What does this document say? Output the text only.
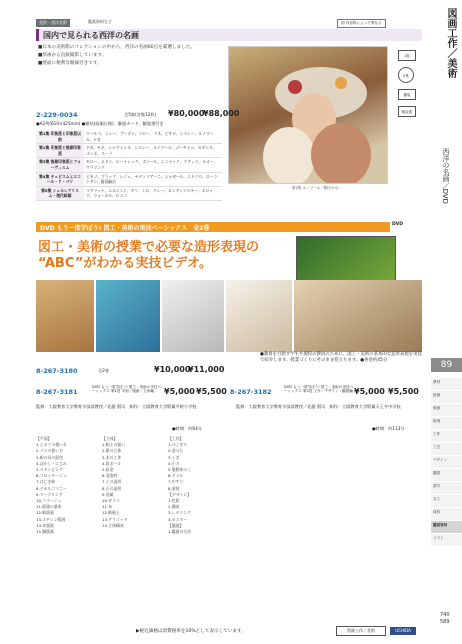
美術・西洋美術	鑑賞資料など	国 内容物によって異なる
国内で見られる西洋の名画
■日本の美術館のコレクションの中から、西洋の名画60点を厳選しました。
■原画から直接撮影しています。
■壁面に便利な額縁付きです。
第2集 ルノワール「帽子の女」
1枚
5集
額装
解説書
2-229-0034	全5集(各集12枚) ¥80,000
¥88,000
●A2判(610×425mm) ●額装(高額仕様)、解説カード、解説書付き
第1集 印象派と印象派以前	クールベ、ミレー、ブーダン、コロー、マネ、ピサロ、シスレー、ルノワール、ドガ
第2集 印象派と後期印象派	ドガ、モネ、シャヴァンヌ、シスレー、ルノワール、ゴーギャン、セザンヌ、ゴッホ、スーラ
第3集 後期印象派とフォーヴィスム	モロー、ルドン、ロートレック、ボナール、シニャック、マティス、ルオー、ヴラマンク
第4集 キュビスムとエコール・ド・パリ	ピカソ、ブラック、レジェ、モディリアーニ、シャガール、ユトリロ、ローランサン、藤田嗣治
第5集 シュルレアリスム・現代絵画	マグリット、エルンスト、ダリ、ミロ、クレー、カンディンスキー、ポロック、ウォーホル、ロスコ
DVD もう一度学ぼう! 図工・美術の実技ベーシックス　全2巻
DVD
図工・美術の授業で必要な造形表現の
“ABC”がわかる実技ビデオ。
8-267-3180	全2巻	¥10,000
¥11,000
●教員を目指す学生や現役の教員のために、図工・美術の基本的な造形表現を実技で紹介します。授業づくりにそのまま役立ちます。●各巻約45分
8-267-3181
DVD もう一度学ぼう! 図工・美術の実技ベーシックス 第1巻 平面・版画・立体編	¥5,000 ¥5,500 8-267-3182
DVD もう一度学ぼう! 図工・美術の実技ベーシックス 第2巻 工作・デザイン・鑑賞編 ¥5,000 ¥5,500
監修：大阪教育大学教育学部准教授／佐藤 賢司　制作：大阪教育大学附属平野小学校	監修：大阪教育大学教育学部准教授／佐藤 賢司　制作：大阪教育大学附属天王寺中学校
●時間：約64分	●時間：約113分
【平面】
1.えのぐの使い方
2.パスの使い方
3.絵の具の混色
4.ぼかし・にじみ
5.スタンピング
6.フロッタージュ
7.はじき絵
8.デカルコマニー
9.マーブリング
10.コラージュ
11.版画の基本
12.紙版画
13.スチレン版画
14.木版画
15.銅版画
【立体】
1.粘土の扱い
2.紙の立体
3.木の工作
4.段ボール
5.針金
6.発泡材
7.土の造形
8.石の造形
9.金属
10.ガラス
11.布
12.紙粘土
13.テラコッタ
14.立体構成
【工作】
1.のこぎり
2.金づち
3.くぎ
4.小刀
5.電動糸のこ
6.ドリル
7.やすり
8.塗装
【デザイン】
1.色彩
2.構成
3.レタリング
4.ポスター
【鑑賞】
1.鑑賞の方法
図画工作／美術
西洋の名画／DVD
89
教材
絵画
版画
彫刻
工作
工芸
デザイン
鑑賞
書写
木工
資料
鑑賞資料
ソフト
740
589
▶税込価格は消費税率を10%として表示しています。	図画工作／美術	UCHIDA
